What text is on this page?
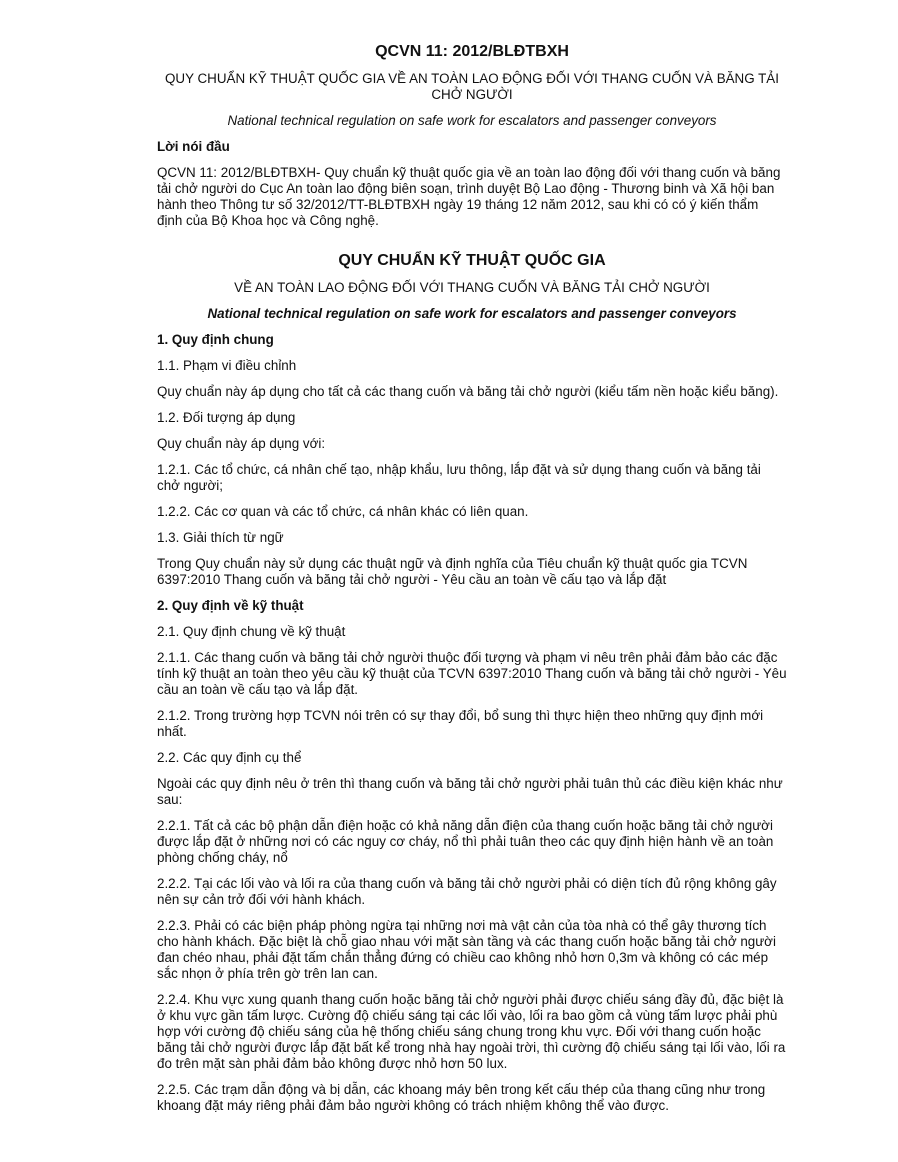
QCVN 11: 2012/BLĐTBXH
QUY CHUẨN KỸ THUẬT QUỐC GIA VỀ AN TOÀN LAO ĐỘNG ĐỐI VỚI THANG CUỐN VÀ BĂNG TẢI CHỞ NGƯỜI
National technical regulation on safe work for escalators and passenger conveyors
Lời nói đầu

QCVN 11: 2012/BLĐTBXH- Quy chuẩn kỹ thuật quốc gia về an toàn lao động đối với thang cuốn và băng tải chở người do Cục An toàn lao động biên soạn, trình duyệt Bộ Lao động - Thương binh và Xã hội ban hành theo Thông tư số 32/2012/TT-BLĐTBXH ngày 19 tháng 12 năm 2012, sau khi có có ý kiến thẩm định của Bộ Khoa học và Công nghệ.

QUY CHUẨN KỸ THUẬT QUỐC GIA
VỀ AN TOÀN LAO ĐỘNG ĐỐI VỚI THANG CUỐN VÀ BĂNG TẢI CHỞ NGƯỜI
National technical regulation on safe work for escalators and passenger conveyors
1. Quy định chung

1.1. Phạm vi điều chỉnh

Quy chuẩn này áp dụng cho tất cả các thang cuốn và băng tải chở người (kiểu tấm nền hoặc kiểu băng).

1.2. Đối tượng áp dụng

Quy chuẩn này áp dụng với:

1.2.1. Các tổ chức, cá nhân chế tạo, nhập khẩu, lưu thông, lắp đặt và sử dụng thang cuốn và băng tải chở người;

1.2.2. Các cơ quan và các tổ chức, cá nhân khác có liên quan.

1.3. Giải thích từ ngữ

Trong Quy chuẩn này sử dụng các thuật ngữ và định nghĩa của Tiêu chuẩn kỹ thuật quốc gia TCVN 6397:2010 Thang cuốn và băng tải chở người - Yêu cầu an toàn về cấu tạo và lắp đặt

2. Quy định về kỹ thuật

2.1. Quy định chung về kỹ thuật

2.1.1. Các thang cuốn và băng tải chở người thuộc đối tượng và phạm vi nêu trên phải đảm bảo các đặc tính kỹ thuật an toàn theo yêu cầu kỹ thuật của TCVN 6397:2010 Thang cuốn và băng tải chở người - Yêu cầu an toàn về cấu tạo và lắp đặt.

2.1.2. Trong trường hợp TCVN nói trên có sự thay đổi, bổ sung thì thực hiện theo những quy định mới nhất.

2.2. Các quy định cụ thể

Ngoài các quy định nêu ở trên thì thang cuốn và băng tải chở người phải tuân thủ các điều kiện khác như sau:

2.2.1. Tất cả các bộ phận dẫn điện hoặc có khả năng dẫn điện của thang cuốn hoặc băng tải chở người được lắp đặt ở những nơi có các nguy cơ cháy, nổ thì phải tuân theo các quy định hiện hành về an toàn phòng chống cháy, nổ

2.2.2. Tại các lối vào và lối ra của thang cuốn và băng tải chở người phải có diện tích đủ rộng không gây nên sự cản trở đối với hành khách.

2.2.3. Phải có các biện pháp phòng ngừa tại những nơi mà vật cản của tòa nhà có thể gây thương tích cho hành khách. Đặc biệt là chỗ giao nhau với mặt sàn tầng và các thang cuốn hoặc băng tải chở người đan chéo nhau, phải đặt tấm chắn thẳng đứng có chiều cao không nhỏ hơn 0,3m và không có các mép sắc nhọn ở phía trên gờ trên lan can.

2.2.4. Khu vực xung quanh thang cuốn hoặc băng tải chở người phải được chiếu sáng đầy đủ, đặc biệt là ở khu vực gần tấm lược. Cường độ chiếu sáng tại các lối vào, lối ra bao gồm cả vùng tấm lược phải phù hợp với cường độ chiếu sáng của hệ thống chiếu sáng chung trong khu vực. Đối với thang cuốn hoặc băng tải chở người được lắp đặt bất kể trong nhà hay ngoài trời, thì cường độ chiếu sáng tại lối vào, lối ra đo trên mặt sàn phải đảm bảo không được nhỏ hơn 50 lux.

2.2.5. Các trạm dẫn động và bị dẫn, các khoang máy bên trong kết cấu thép của thang cũng như trong khoang đặt máy riêng phải đảm bảo người không có trách nhiệm không thể vào được.
